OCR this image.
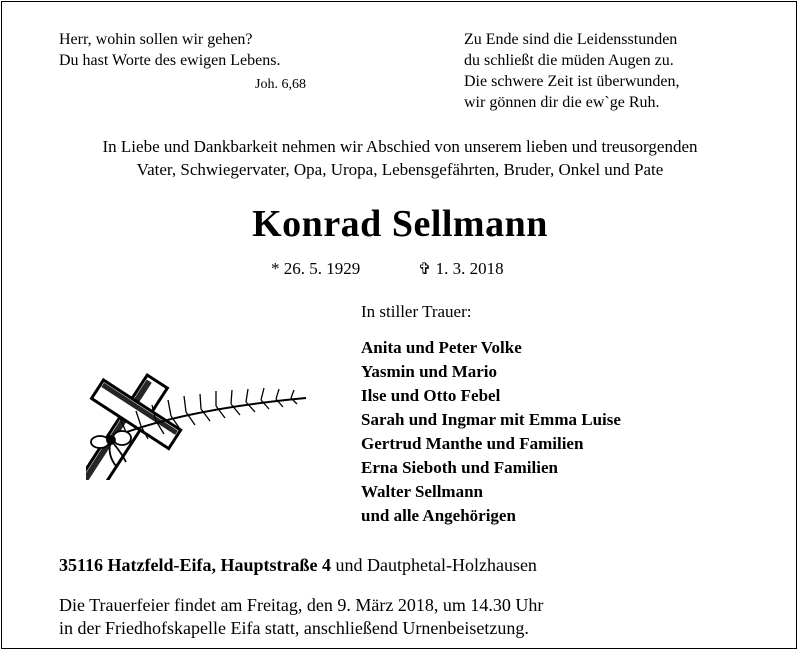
Herr, wohin sollen wir gehen?
Du hast Worte des ewigen Lebens.
Joh. 6,68
Zu Ende sind die Leidensstunden
du schließt die müden Augen zu.
Die schwere Zeit ist überwunden,
wir gönnen dir die ew`ge Ruh.
In Liebe und Dankbarkeit nehmen wir Abschied von unserem lieben und treusorgenden
Vater, Schwiegervater, Opa, Uropa, Lebensgefährten, Bruder, Onkel und Pate
Konrad Sellmann
* 26. 5. 1929	✞ 1. 3. 2018
In stiller Trauer:
Anita und Peter Volke
Yasmin und Mario
Ilse und Otto Febel
Sarah und Ingmar mit Emma Luise
Gertrud Manthe und Familien
Erna Sieboth und Familien
Walter Sellmann
und alle Angehörigen
35116 Hatzfeld-Eifa, Hauptstraße 4 und Dautphetal-Holzhausen
Die Trauerfeier findet am Freitag, den 9. März 2018, um 14.30 Uhr
in der Friedhofskapelle Eifa statt, anschließend Urnenbeisetzung.
